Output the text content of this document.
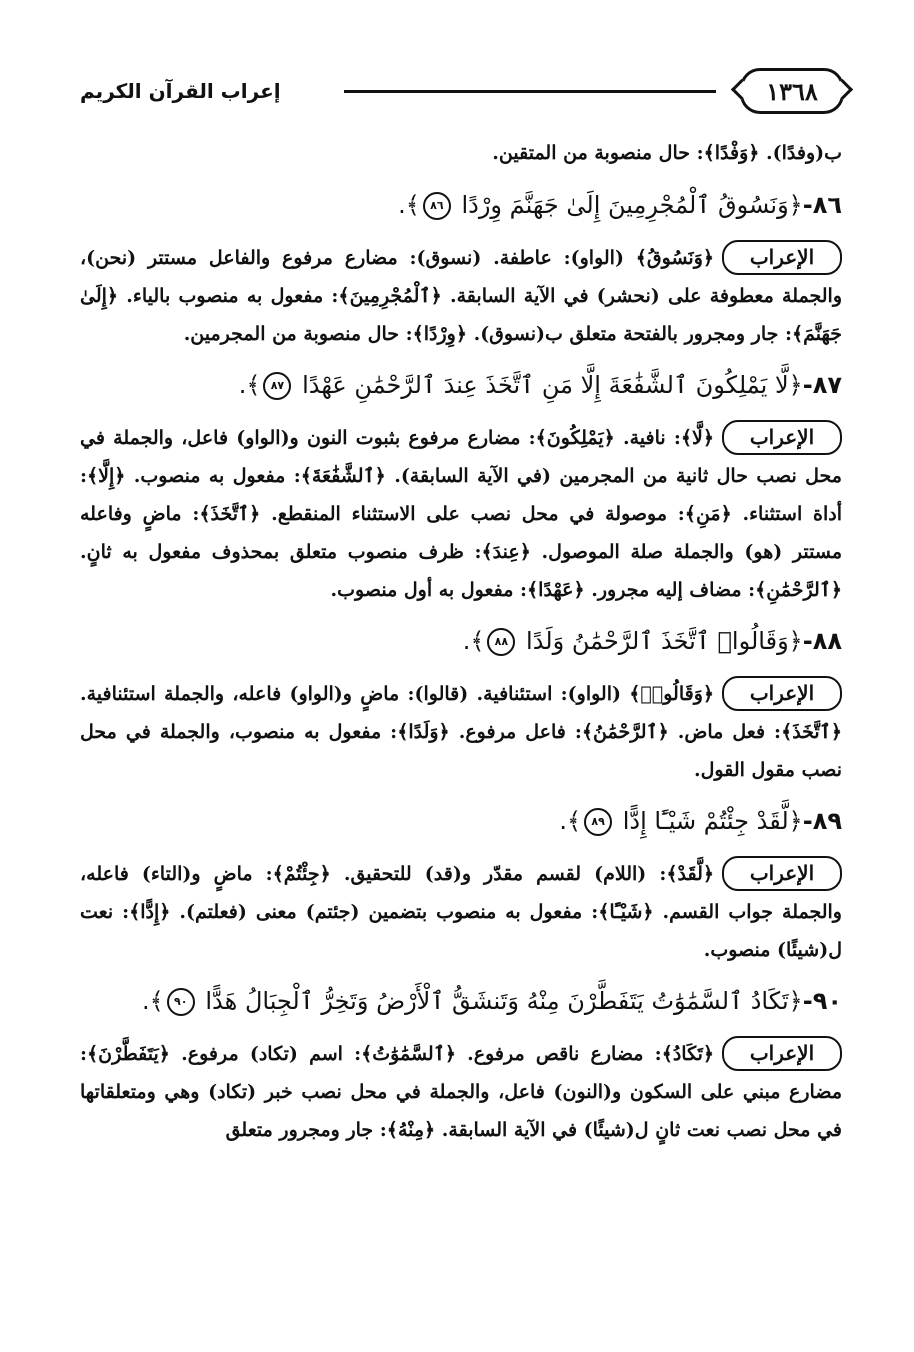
١٣٦٨
إعراب القرآن الكريم

ب(وفدًا). ﴿وَفْدًا﴾: حال منصوبة من المتقين.

٨٦-﴿وَنَسُوقُ ٱلْمُجْرِمِينَ إِلَىٰ جَهَنَّمَ وِرْدًا ٨٦﴾.

الإعراب﴿وَنَسُوقُ﴾ (الواو): عاطفة. (نسوق): مضارع مرفوع والفاعل مستتر (نحن)، والجملة معطوفة على (نحشر) في الآية السابقة. ﴿ٱلْمُجْرِمِينَ﴾: مفعول به منصوب بالياء. ﴿إِلَىٰ جَهَنَّمَ﴾: جار ومجرور بالفتحة متعلق ب(نسوق). ﴿وِرْدًا﴾: حال منصوبة من المجرمين.

٨٧-﴿لَّا يَمْلِكُونَ ٱلشَّفَٰعَةَ إِلَّا مَنِ ٱتَّخَذَ عِندَ ٱلرَّحْمَٰنِ عَهْدًا ٨٧﴾.

الإعراب﴿لَّا﴾: نافية. ﴿يَمْلِكُونَ﴾: مضارع مرفوع بثبوت النون و(الواو) فاعل، والجملة في محل نصب حال ثانية من المجرمين (في الآية السابقة). ﴿ٱلشَّفَٰعَةَ﴾: مفعول به منصوب. ﴿إِلَّا﴾: أداة استثناء. ﴿مَنِ﴾: موصولة في محل نصب على الاستثناء المنقطع. ﴿ٱتَّخَذَ﴾: ماضٍ وفاعله مستتر (هو) والجملة صلة الموصول. ﴿عِندَ﴾: ظرف منصوب متعلق بمحذوف مفعول به ثانٍ. ﴿ٱلرَّحْمَٰنِ﴾: مضاف إليه مجرور. ﴿عَهْدًا﴾: مفعول به أول منصوب.

٨٨-﴿وَقَالُوا۟ ٱتَّخَذَ ٱلرَّحْمَٰنُ وَلَدًا ٨٨﴾.

الإعراب﴿وَقَالُوا۟﴾ (الواو): استئنافية. (قالوا): ماضٍ و(الواو) فاعله، والجملة استئنافية. ﴿ٱتَّخَذَ﴾: فعل ماض. ﴿ٱلرَّحْمَٰنُ﴾: فاعل مرفوع. ﴿وَلَدًا﴾: مفعول به منصوب، والجملة في محل نصب مقول القول.

٨٩-﴿لَّقَدْ جِئْتُمْ شَيْـًٔا إِدًّا ٨٩﴾.

الإعراب﴿لَّقَدْ﴾: (اللام) لقسم مقدّر و(قد) للتحقيق. ﴿جِئْتُمْ﴾: ماضٍ و(التاء) فاعله، والجملة جواب القسم. ﴿شَيْـًٔا﴾: مفعول به منصوب بتضمين (جئتم) معنى (فعلتم). ﴿إِدًّا﴾: نعت ل(شيئًا) منصوب.

٩٠-﴿تَكَادُ ٱلسَّمَٰوَٰتُ يَتَفَطَّرْنَ مِنْهُ وَتَنشَقُّ ٱلْأَرْضُ وَتَخِرُّ ٱلْجِبَالُ هَدًّا ٩٠﴾.

الإعراب﴿تَكَادُ﴾: مضارع ناقص مرفوع. ﴿ٱلسَّمَٰوَٰتُ﴾: اسم (تكاد) مرفوع. ﴿يَتَفَطَّرْنَ﴾: مضارع مبني على السكون و(النون) فاعل، والجملة في محل نصب خبر (تكاد) وهي ومتعلقاتها في محل نصب نعت ثانٍ ل(شيئًا) في الآية السابقة. ﴿مِنْهُ﴾: جار ومجرور متعلق
